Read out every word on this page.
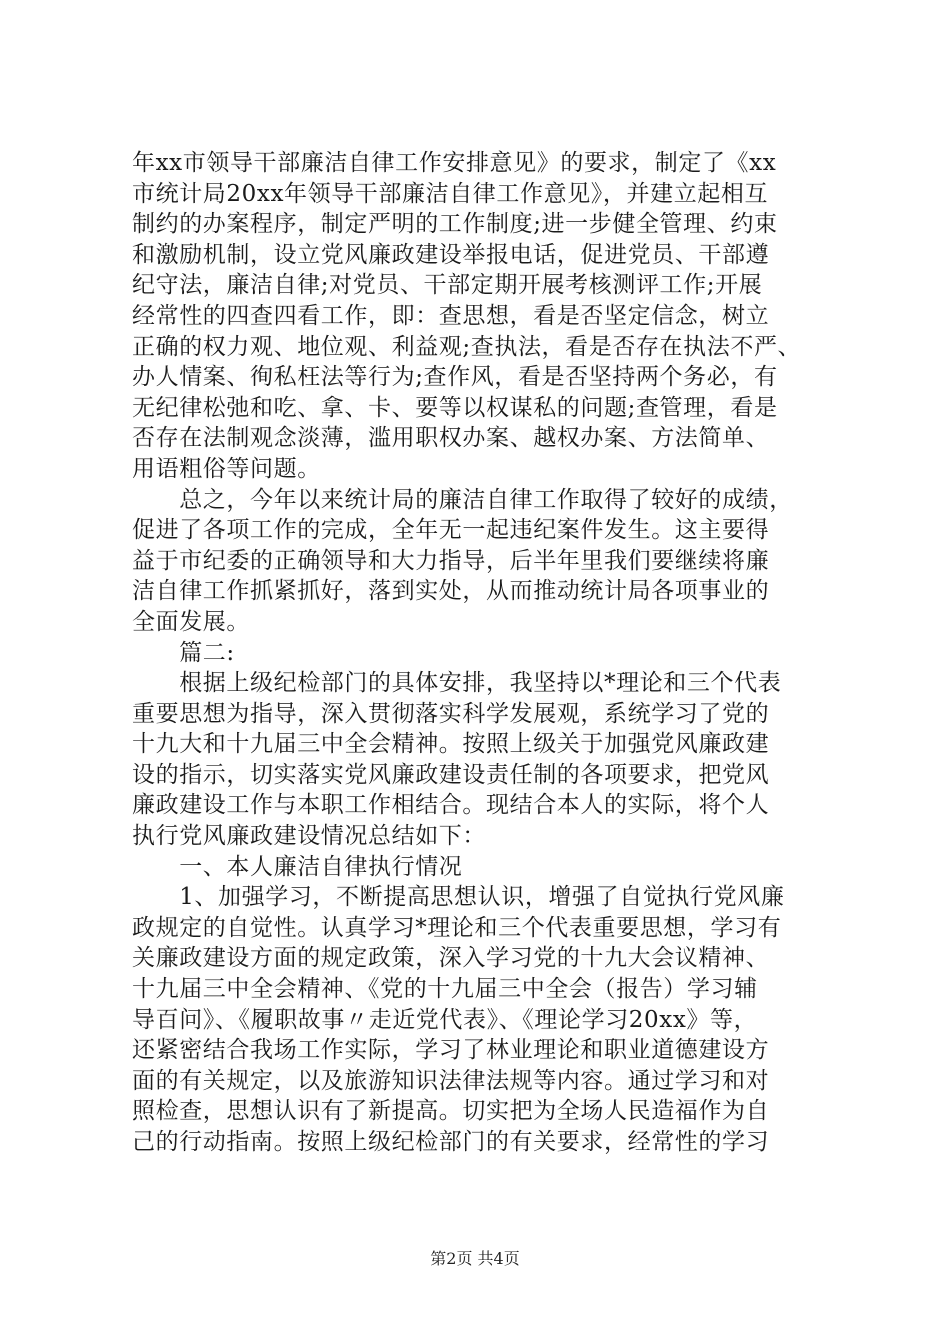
年xx市领导干部廉洁自律工作安排意见》的要求，制定了《xx
市统计局20xx年领导干部廉洁自律工作意见》，并建立起相互
制约的办案程序，制定严明的工作制度;进一步健全管理、约束
和激励机制，设立党风廉政建设举报电话，促进党员、干部遵
纪守法，廉洁自律;对党员、干部定期开展考核测评工作;开展
经常性的四查四看工作，即：查思想，看是否坚定信念，树立
正确的权力观、地位观、利益观;查执法，看是否存在执法不严、
办人情案、徇私枉法等行为;查作风，看是否坚持两个务必，有
无纪律松弛和吃、拿、卡、要等以权谋私的问题;查管理，看是
否存在法制观念淡薄，滥用职权办案、越权办案、方法简单、
用语粗俗等问题。
　　总之，今年以来统计局的廉洁自律工作取得了较好的成绩，
促进了各项工作的完成，全年无一起违纪案件发生。这主要得
益于市纪委的正确领导和大力指导，后半年里我们要继续将廉
洁自律工作抓紧抓好，落到实处，从而推动统计局各项事业的
全面发展。
　　篇二:
　　根据上级纪检部门的具体安排，我坚持以*理论和三个代表
重要思想为指导，深入贯彻落实科学发展观，系统学习了党的
十九大和十九届三中全会精神。按照上级关于加强党风廉政建
设的指示，切实落实党风廉政建设责任制的各项要求，把党风
廉政建设工作与本职工作相结合。现结合本人的实际，将个人
执行党风廉政建设情况总结如下：
　　一、本人廉洁自律执行情况
　　1、加强学习，不断提高思想认识，增强了自觉执行党风廉
政规定的自觉性。认真学习*理论和三个代表重要思想，学习有
关廉政建设方面的规定政策，深入学习党的十九大会议精神、
十九届三中全会精神、《党的十九届三中全会（报告）学习辅
导百问》、《履职故事〃走近党代表》、《理论学习20xx》等，
还紧密结合我场工作实际，学习了林业理论和职业道德建设方
面的有关规定，以及旅游知识法律法规等内容。通过学习和对
照检查，思想认识有了新提高。切实把为全场人民造福作为自
己的行动指南。按照上级纪检部门的有关要求，经常性的学习
第2页 共4页
